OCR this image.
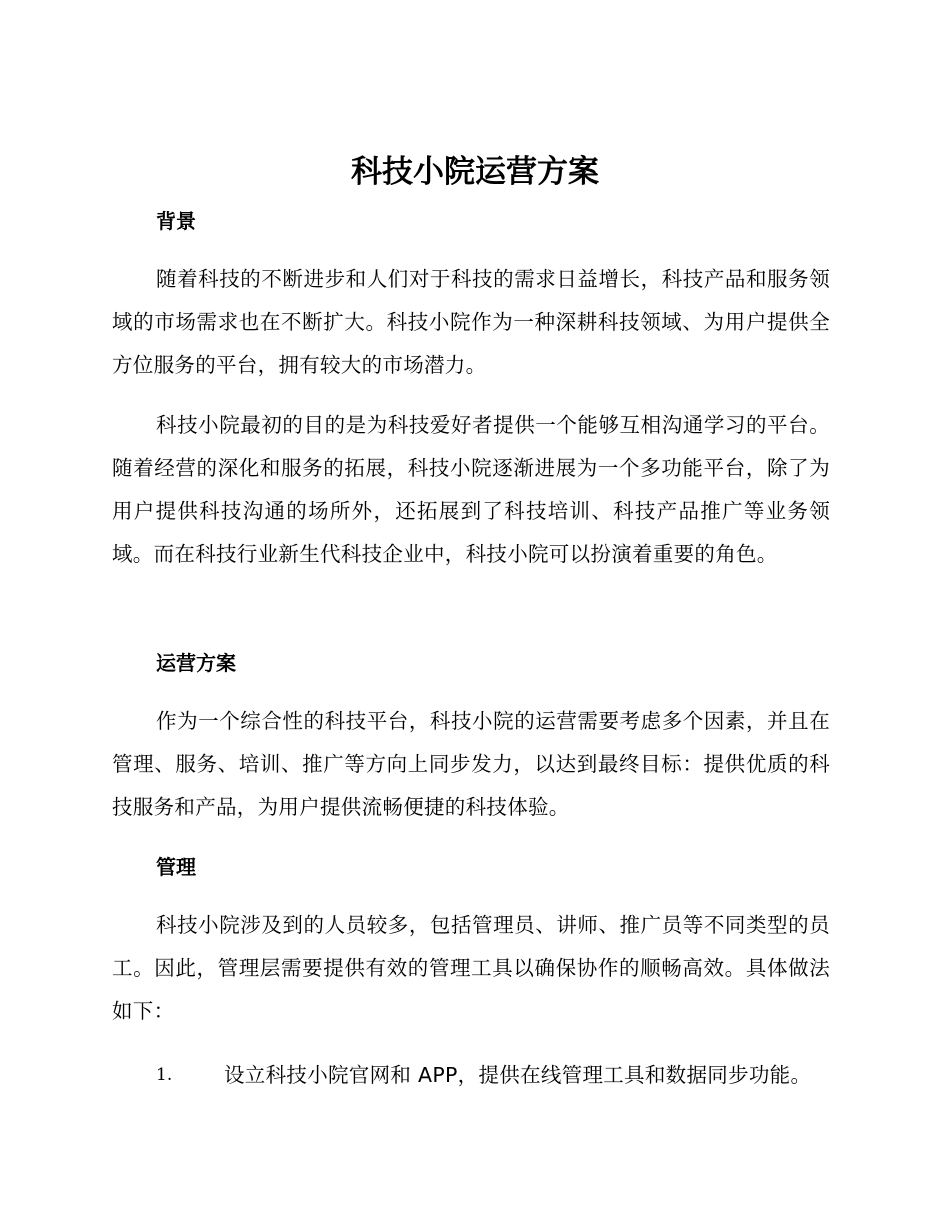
科技小院运营方案
背景

随着科技的不断进步和人们对于科技的需求日益增长，科技产品和服务领域的市场需求也在不断扩大。科技小院作为一种深耕科技领域、为用户提供全方位服务的平台，拥有较大的市场潜力。

科技小院最初的目的是为科技爱好者提供一个能够互相沟通学习的平台。随着经营的深化和服务的拓展，科技小院逐渐进展为一个多功能平台，除了为用户提供科技沟通的场所外，还拓展到了科技培训、科技产品推广等业务领域。而在科技行业新生代科技企业中，科技小院可以扮演着重要的角色。

运营方案

作为一个综合性的科技平台，科技小院的运营需要考虑多个因素，并且在管理、服务、培训、推广等方向上同步发力，以达到最终目标：提供优质的科技服务和产品，为用户提供流畅便捷的科技体验。

管理

科技小院涉及到的人员较多，包括管理员、讲师、推广员等不同类型的员工。因此，管理层需要提供有效的管理工具以确保协作的顺畅高效。具体做法如下：

1.	设立科技小院官网和 APP，提供在线管理工具和数据同步功能。
